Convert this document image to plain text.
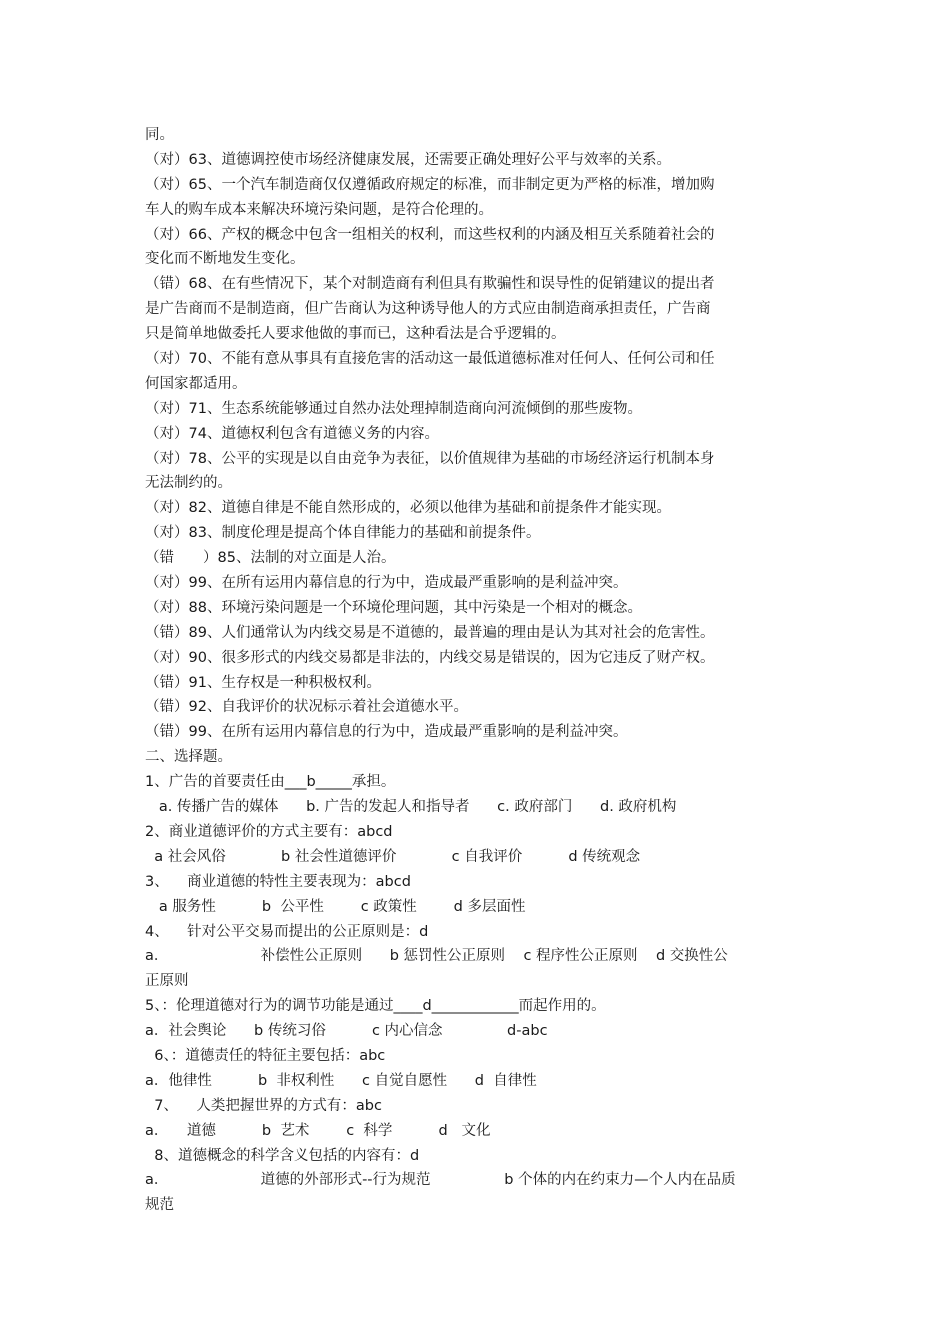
同。
（对）63、道德调控使市场经济健康发展，还需要正确处理好公平与效率的关系。
（对）65、一个汽车制造商仅仅遵循政府规定的标准，而非制定更为严格的标准，增加购
车人的购车成本来解决环境污染问题，是符合伦理的。
（对）66、产权的概念中包含一组相关的权利，而这些权利的内涵及相互关系随着社会的
变化而不断地发生变化。
（错）68、在有些情况下，某个对制造商有利但具有欺骗性和误导性的促销建议的提出者
是广告商而不是制造商，但广告商认为这种诱导他人的方式应由制造商承担责任，广告商
只是简单地做委托人要求他做的事而已，这种看法是合乎逻辑的。
（对）70、不能有意从事具有直接危害的活动这一最低道德标准对任何人、任何公司和任
何国家都适用。
（对）71、生态系统能够通过自然办法处理掉制造商向河流倾倒的那些废物。
（对）74、道德权利包含有道德义务的内容。
（对）78、公平的实现是以自由竞争为表征，以价值规律为基础的市场经济运行机制本身
无法制约的。
（对）82、道德自律是不能自然形成的，必须以他律为基础和前提条件才能实现。
（对）83、制度伦理是提高个体自律能力的基础和前提条件。
（错　　）85、法制的对立面是人治。
（对）99、在所有运用内幕信息的行为中，造成最严重影响的是利益冲突。
（对）88、环境污染问题是一个环境伦理问题，其中污染是一个相对的概念。
（错）89、人们通常认为内线交易是不道德的，最普遍的理由是认为其对社会的危害性。
（对）90、很多形式的内线交易都是非法的，内线交易是错误的，因为它违反了财产权。
（错）91、生存权是一种积极权利。
（错）92、自我评价的状况标示着社会道德水平。
（错）99、在所有运用内幕信息的行为中，造成最严重影响的是利益冲突。
二、选择题。
1、广告的首要责任由___b_____承担。
a. 传播广告的媒体      b. 广告的发起人和指导者      c. 政府部门      d. 政府机构
2、商业道德评价的方式主要有：abcd
a 社会风俗            b 社会性道德评价            c 自我评价          d 传统观念
3、    商业道德的特性主要表现为：abcd
a 服务性          b  公平性        c 政策性        d 多层面性
4、    针对公平交易而提出的公正原则是：d
a．                    补偿性公正原则      b 惩罚性公正原则    c 程序性公正原则    d 交换性公
正原则
5、：伦理道德对行为的调节功能是通过____d____________而起作用的。
a．社会舆论      b 传统习俗          c 内心信念              d-abc
6、：道德责任的特征主要包括：abc
a．他律性          b  非权利性      c 自觉自愿性      d  自律性
7、    人类把握世界的方式有：abc
a．    道德          b  艺术        c  科学          d   文化
8、道德概念的科学含义包括的内容有：d
a．                    道德的外部形式--行为规范                b 个体的内在约束力—个人内在品质
规范
